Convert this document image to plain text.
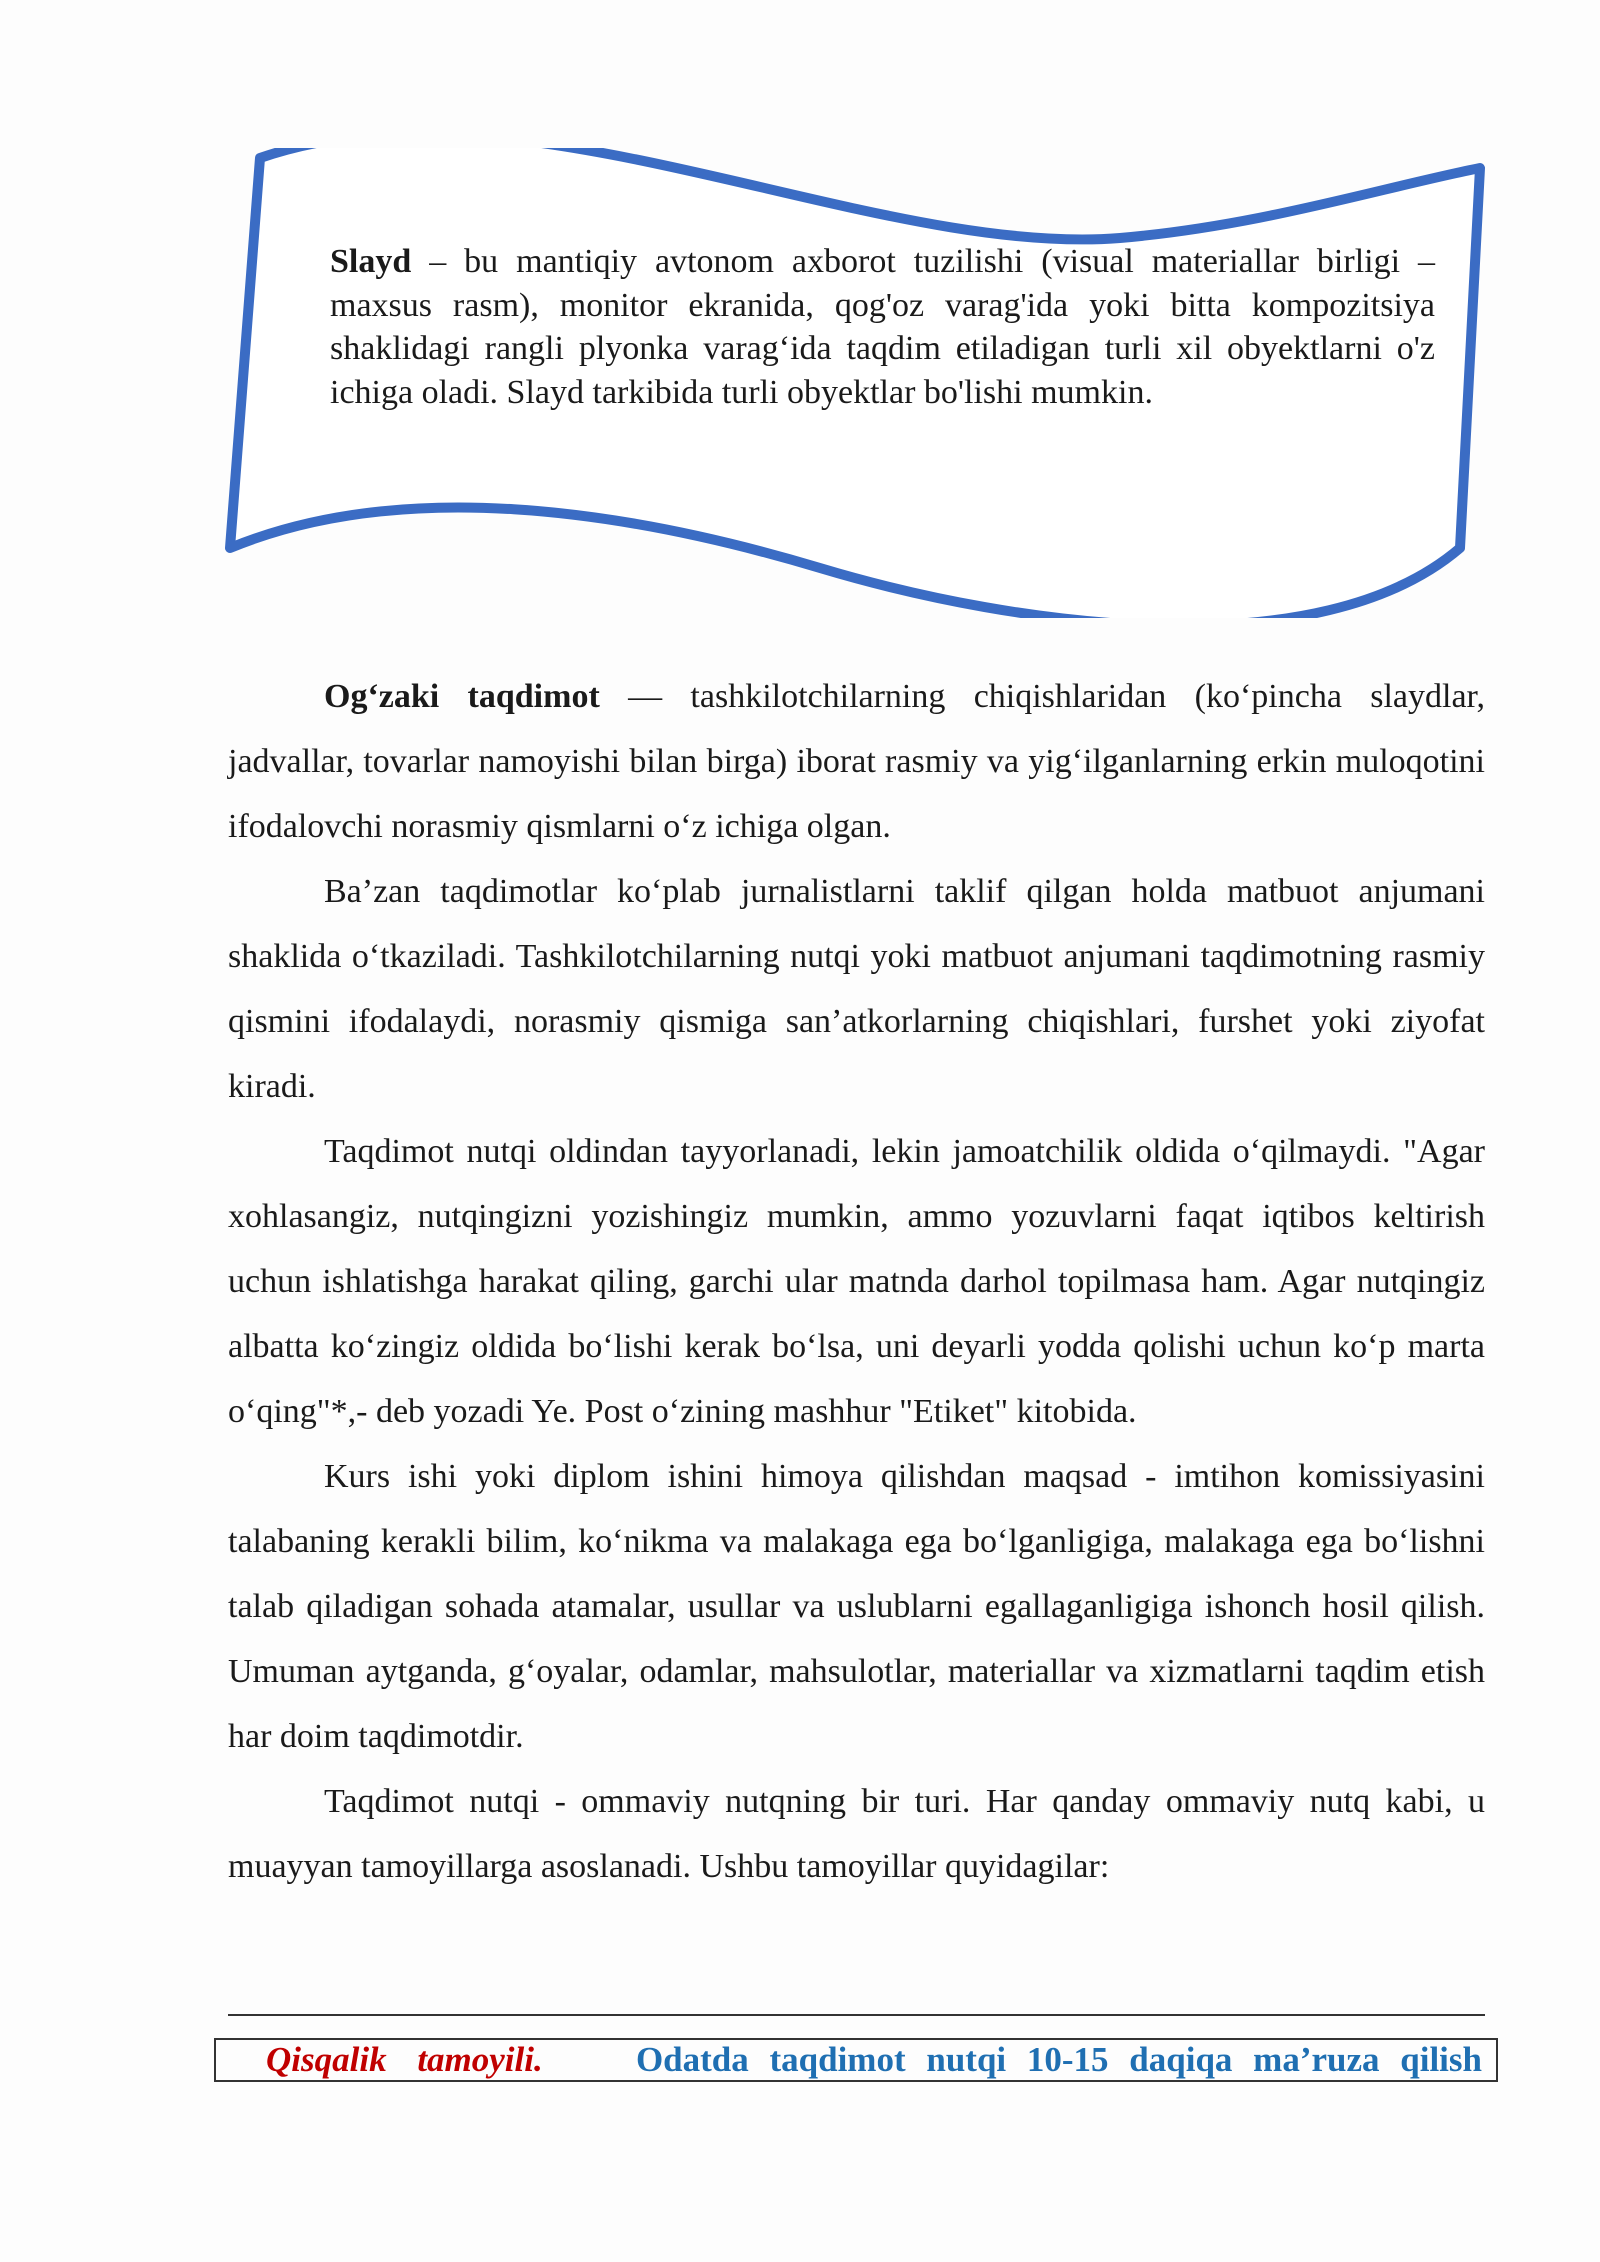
Slayd – bu mantiqiy avtonom axborot tuzilishi (visual materiallar birligi – maxsus rasm), monitor ekranida, qog'oz varag'ida yoki bitta kompozitsiya shaklidagi rangli plyonka varag‘ida taqdim etiladigan turli xil obyektlarni o'z ichiga oladi. Slayd tarkibida turli obyektlar bo'lishi mumkin.

Og‘zaki taqdimot — tashkilotchilarning chiqishlaridan (ko‘pincha slaydlar, jadvallar, tovarlar namoyishi bilan birga) iborat rasmiy va yig‘ilganlarning erkin muloqotini ifodalovchi norasmiy qismlarni o‘z ichiga olgan.

Ba’zan taqdimotlar ko‘plab jurnalistlarni taklif qilgan holda matbuot anjumani shaklida o‘tkaziladi. Tashkilotchilarning nutqi yoki matbuot anjumani taqdimotning rasmiy qismini ifodalaydi, norasmiy qismiga san’atkorlarning chiqishlari, furshet yoki ziyofat kiradi.

Taqdimot nutqi oldindan tayyorlanadi, lekin jamoatchilik oldida o‘qilmaydi. "Agar xohlasangiz, nutqingizni yozishingiz mumkin, ammo yozuvlarni faqat iqtibos keltirish uchun ishlatishga harakat qiling, garchi ular matnda darhol topilmasa ham. Agar nutqingiz albatta ko‘zingiz oldida bo‘lishi kerak bo‘lsa, uni deyarli yodda qolishi uchun ko‘p marta o‘qing"*,- deb yozadi Ye. Post o‘zining mashhur "Etiket" kitobida.

Kurs ishi yoki diplom ishini himoya qilishdan maqsad - imtihon komissiyasini talabaning kerakli bilim, ko‘nikma va malakaga ega bo‘lganligiga, malakaga ega bo‘lishni talab qiladigan sohada atamalar, usullar va uslublarni egallaganligiga ishonch hosil qilish. Umuman aytganda, g‘oyalar, odamlar, mahsulotlar, materiallar va xizmatlarni taqdim etish har doim taqdimotdir.

Taqdimot nutqi - ommaviy nutqning bir turi. Har qanday ommaviy nutq kabi, u muayyan tamoyillarga asoslanadi. Ushbu tamoyillar quyidagilar:

Qisqalik tamoyili.	Odatda taqdimot nutqi 10-15 daqiqa ma’ruza qilish
